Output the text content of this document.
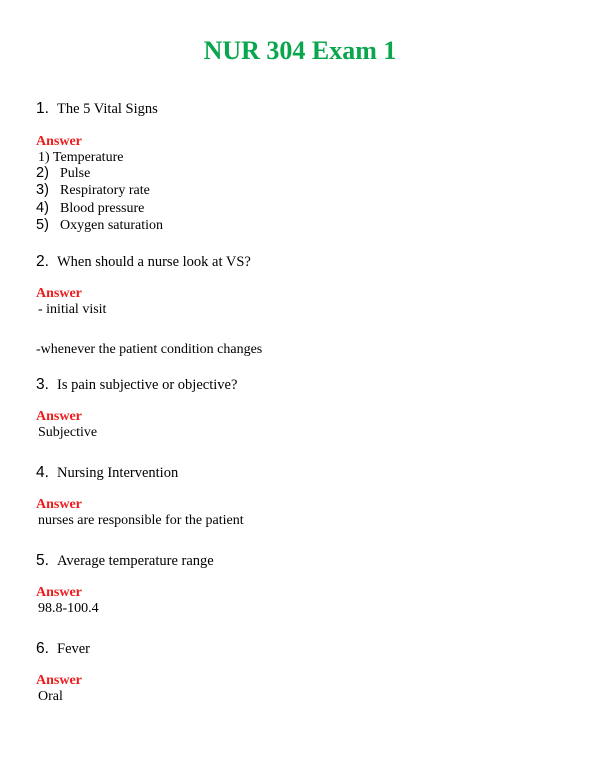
NUR 304 Exam 1
1. The 5 Vital Signs
Answer
1) Temperature
2) Pulse
3) Respiratory rate
4) Blood pressure
5) Oxygen saturation
2. When should a nurse look at VS?
Answer
- initial visit
-whenever the patient condition changes
3. Is pain subjective or objective?
Answer
Subjective
4. Nursing Intervention
Answer
nurses are responsible for the patient
5. Average temperature range
Answer
98.8-100.4
6. Fever
Answer
Oral
